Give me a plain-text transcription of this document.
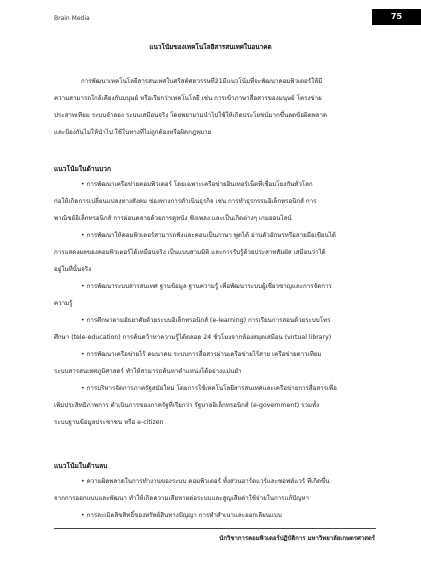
Brain Media	75
แนวโน้มของเทคโนโลยีสารสนเทศในอนาคต
การพัฒนาเทคโนโลยีสารสนเทศในศริสต์ศตวรรษที่21มีแนวโน้มที่จะพัฒนาคอมพิวเตอร์ให้มี
ความสามารถใกล้เคียงกับมนุษย์ หรือเรียกว่าเทคโนโลยี เช่น การเข้าภาษาสื่อสารของมนุษย์ โครงข่าย
ประสาทเทียม ระบบจำลอง ระบบเสมือนจริง โดยพยายามนำไปใช้ให้เกิดประโยชน์มากขึ้นลดข้อผิดพลาด
และป้องกันไม่ให้นำไป ใช้ในทางที่ไม่ถูกต้องหรือผิดกฎหมาย
แนวโน้มในด้านบวก
• การพัฒนาเครือข่ายคอมพิวเตอร์ โดยเฉพาะเครือข่ายอินเทอร์เน็ตที่เชื่อมโยงกันทั่วโลก
ก่อให้เกิดการเปลี่ยนแปลงทางสังคม ช่องทางการดำเนินธุรกิจ เช่น การทำธุรกรรมอิเล็กทรอนิกส์ การ
พาณิชย์อิเล็กทรอนิกส์ การผ่อนคลายด้วยการดูหนัง ฟังเพลง และเป็นเกิดต่างๆ เกมออนไลน์
• การพัฒนาให้คอมพิวเตอร์สามารถฟังและคอบเป็นภาษา พูดได้ อ่านตัวอักษรหรือลายมือเขียนได้
การแสดงผลของคอมพิวเตอร์ได้เหมือนจริง เป็นแบบสามมิติ และการรับรู้ด้วยประสาทสัมผัส เสมือนว่าได้
อยู่ในที่นั้นจริง
• การพัฒนาระบบสารสนเทศ ฐานข้อมูล ฐานความรู้ เพื่อพัฒนาระบบผู้เชี่ยวชาญและการจัดการ
ความรู้
• การศึกษาตามอัธยาศัยด้วยระบบอิเล็กทรอนิกส์ (e-learning) การเรียนการสอนด้วยระบบโทร
ศึกษา (tele-education) การค้นคว้าหาความรู้ได้ตลอด 24 ชั่วโมงจากห้องสมุดเสมือน (virtual library)
• การพัฒนาเครือข่ายไร้ คมนาคม ระบบการสื่อสารผ่านเครือข่ายไร้สาย เครือข่ายดาวเทียม
ระบบสารสนเทศภูมิศาสตร์ ทำให้สามารถค้นหาตำแหน่งได้อย่างแม่นยำ
• การบริหารจัดการภาครัฐสมัยใหม่ โดยการใช้เทคโนโลยีสารสนเทศและเครือข่ายการสื่อสารเพื่อ
เพิ่มประสิทธิภาพการ ดำเนินการของภาครัฐที่เรียกว่า รัฐบาลอิเล็กทรอนิกส์ (e-government) รวมทั้ง
ระบบฐานข้อมูลประชาชน หรือ e-citizen
แนวโน้มในด้านลบ
• ความผิดพลาดในการทำงานของระบบ คอมพิวเตอร์ ทั้งส่วนฮาร์ดแวร์และซอฟต์แวร์ ที่เกิดขึ้น
จากการออกแบบและพัฒนา ทำให้เกิดความเสียหายต่อระบบและสูญเสียค่าใช้จ่ายในการแก้ปัญหา
• การละเมิดลิขสิทธิ์ของทรัพย์สินทางปัญญา การทำสำเนาและออกเลียนแบบ
นักวิชาการคอมพิวเตอร์ปฏิบัติการ มหาวิทยาลัยเกษตรศาสตร์
